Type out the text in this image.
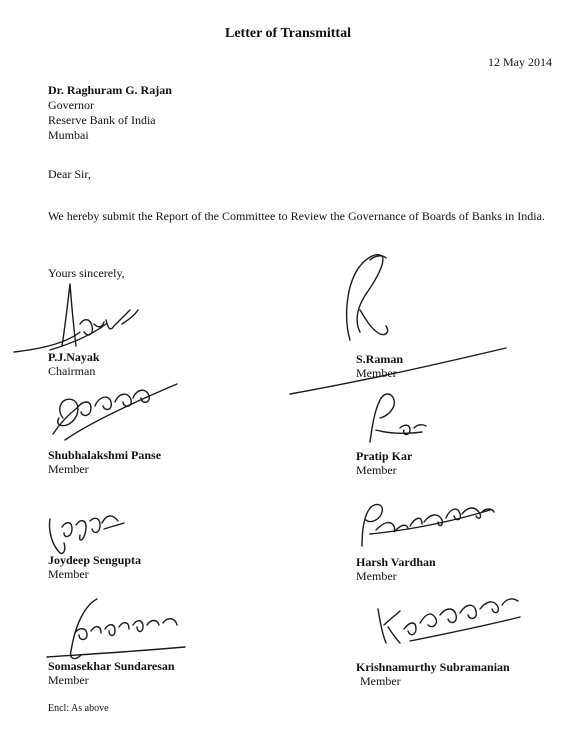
Letter of Transmittal
12 May 2014
Dr. Raghuram G. Rajan
Governor
Reserve Bank of India
Mumbai
Dear Sir,
We hereby submit the Report of the Committee to Review the Governance of Boards of Banks in India.
Yours sincerely,
P.J.Nayak
Chairman
S.Raman
Member
Shubhalakshmi Panse
Member
Pratip Kar
Member
Joydeep Sengupta
Member
Harsh Vardhan
Member
Somasekhar Sundaresan
Member
Krishnamurthy Subramanian
Member
Encl: As above
